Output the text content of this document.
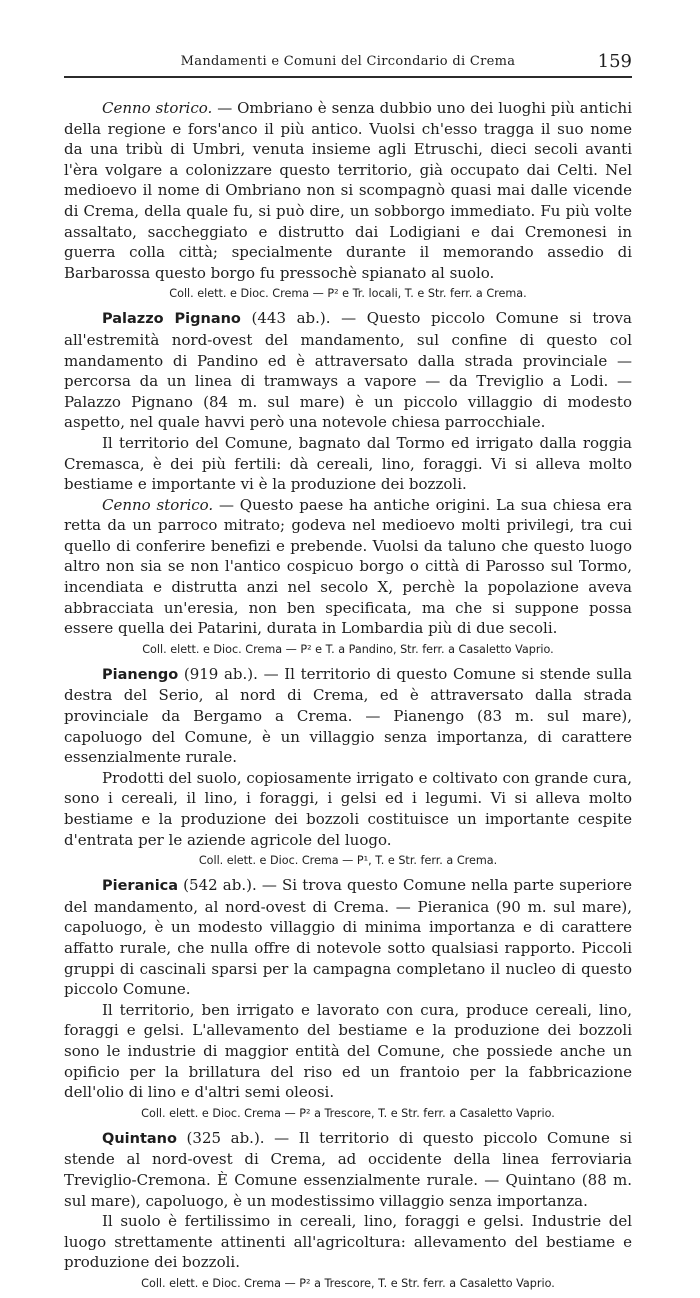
Mandamenti e Comuni del Circondario di Crema	159

Cenno storico. — Ombriano è senza dubbio uno dei luoghi più antichi della regione e fors'anco il più antico. Vuolsi ch'esso tragga il suo nome da una tribù di Umbri, venuta insieme agli Etruschi, dieci secoli avanti l'èra volgare a colonizzare questo territorio, già occupato dai Celti. Nel medioevo il nome di Ombriano non si scompagnò quasi mai dalle vicende di Crema, della quale fu, si può dire, un sobborgo immediato. Fu più volte assaltato, saccheggiato e distrutto dai Lodigiani e dai Cremonesi in guerra colla città; specialmente durante il memorando assedio di Barbarossa questo borgo fu pressochè spianato al suolo.

Coll. elett. e Dioc. Crema — P² e Tr. locali, T. e Str. ferr. a Crema.

Palazzo Pignano (443 ab.). — Questo piccolo Comune si trova all'estremità nord-ovest del mandamento, sul confine di questo col mandamento di Pandino ed è attraversato dalla strada provinciale — percorsa da un linea di tramways a vapore — da Treviglio a Lodi. — Palazzo Pignano (84 m. sul mare) è un piccolo villaggio di modesto aspetto, nel quale havvi però una notevole chiesa parrocchiale.

Il territorio del Comune, bagnato dal Tormo ed irrigato dalla roggia Cremasca, è dei più fertili: dà cereali, lino, foraggi. Vi si alleva molto bestiame e importante vi è la produzione dei bozzoli.

Cenno storico. — Questo paese ha antiche origini. La sua chiesa era retta da un parroco mitrato; godeva nel medioevo molti privilegi, tra cui quello di conferire benefizi e prebende. Vuolsi da taluno che questo luogo altro non sia se non l'antico cospicuo borgo o città di Parosso sul Tormo, incendiata e distrutta anzi nel secolo X, perchè la popolazione aveva abbracciata un'eresia, non ben specificata, ma che si suppone possa essere quella dei Patarini, durata in Lombardia più di due secoli.

Coll. elett. e Dioc. Crema — P² e T. a Pandino, Str. ferr. a Casaletto Vaprio.

Pianengo (919 ab.). — Il territorio di questo Comune si stende sulla destra del Serio, al nord di Crema, ed è attraversato dalla strada provinciale da Bergamo a Crema. — Pianengo (83 m. sul mare), capoluogo del Comune, è un villaggio senza importanza, di carattere essenzialmente rurale.

Prodotti del suolo, copiosamente irrigato e coltivato con grande cura, sono i cereali, il lino, i foraggi, i gelsi ed i legumi. Vi si alleva molto bestiame e la produzione dei bozzoli costituisce un importante cespite d'entrata per le aziende agricole del luogo.

Coll. elett. e Dioc. Crema — P¹, T. e Str. ferr. a Crema.

Pieranica (542 ab.). — Si trova questo Comune nella parte superiore del mandamento, al nord-ovest di Crema. — Pieranica (90 m. sul mare), capoluogo, è un modesto villaggio di minima importanza e di carattere affatto rurale, che nulla offre di notevole sotto qualsiasi rapporto. Piccoli gruppi di cascinali sparsi per la campagna completano il nucleo di questo piccolo Comune.

Il territorio, ben irrigato e lavorato con cura, produce cereali, lino, foraggi e gelsi. L'allevamento del bestiame e la produzione dei bozzoli sono le industrie di maggior entità del Comune, che possiede anche un opificio per la brillatura del riso ed un frantoio per la fabbricazione dell'olio di lino e d'altri semi oleosi.

Coll. elett. e Dioc. Crema — P² a Trescore, T. e Str. ferr. a Casaletto Vaprio.

Quintano (325 ab.). — Il territorio di questo piccolo Comune si stende al nord-ovest di Crema, ad occidente della linea ferroviaria Treviglio-Cremona. È Comune essenzialmente rurale. — Quintano (88 m. sul mare), capoluogo, è un modestissimo villaggio senza importanza.

Il suolo è fertilissimo in cereali, lino, foraggi e gelsi. Industrie del luogo strettamente attinenti all'agricoltura: allevamento del bestiame e produzione dei bozzoli.

Coll. elett. e Dioc. Crema — P² a Trescore, T. e Str. ferr. a Casaletto Vaprio.
